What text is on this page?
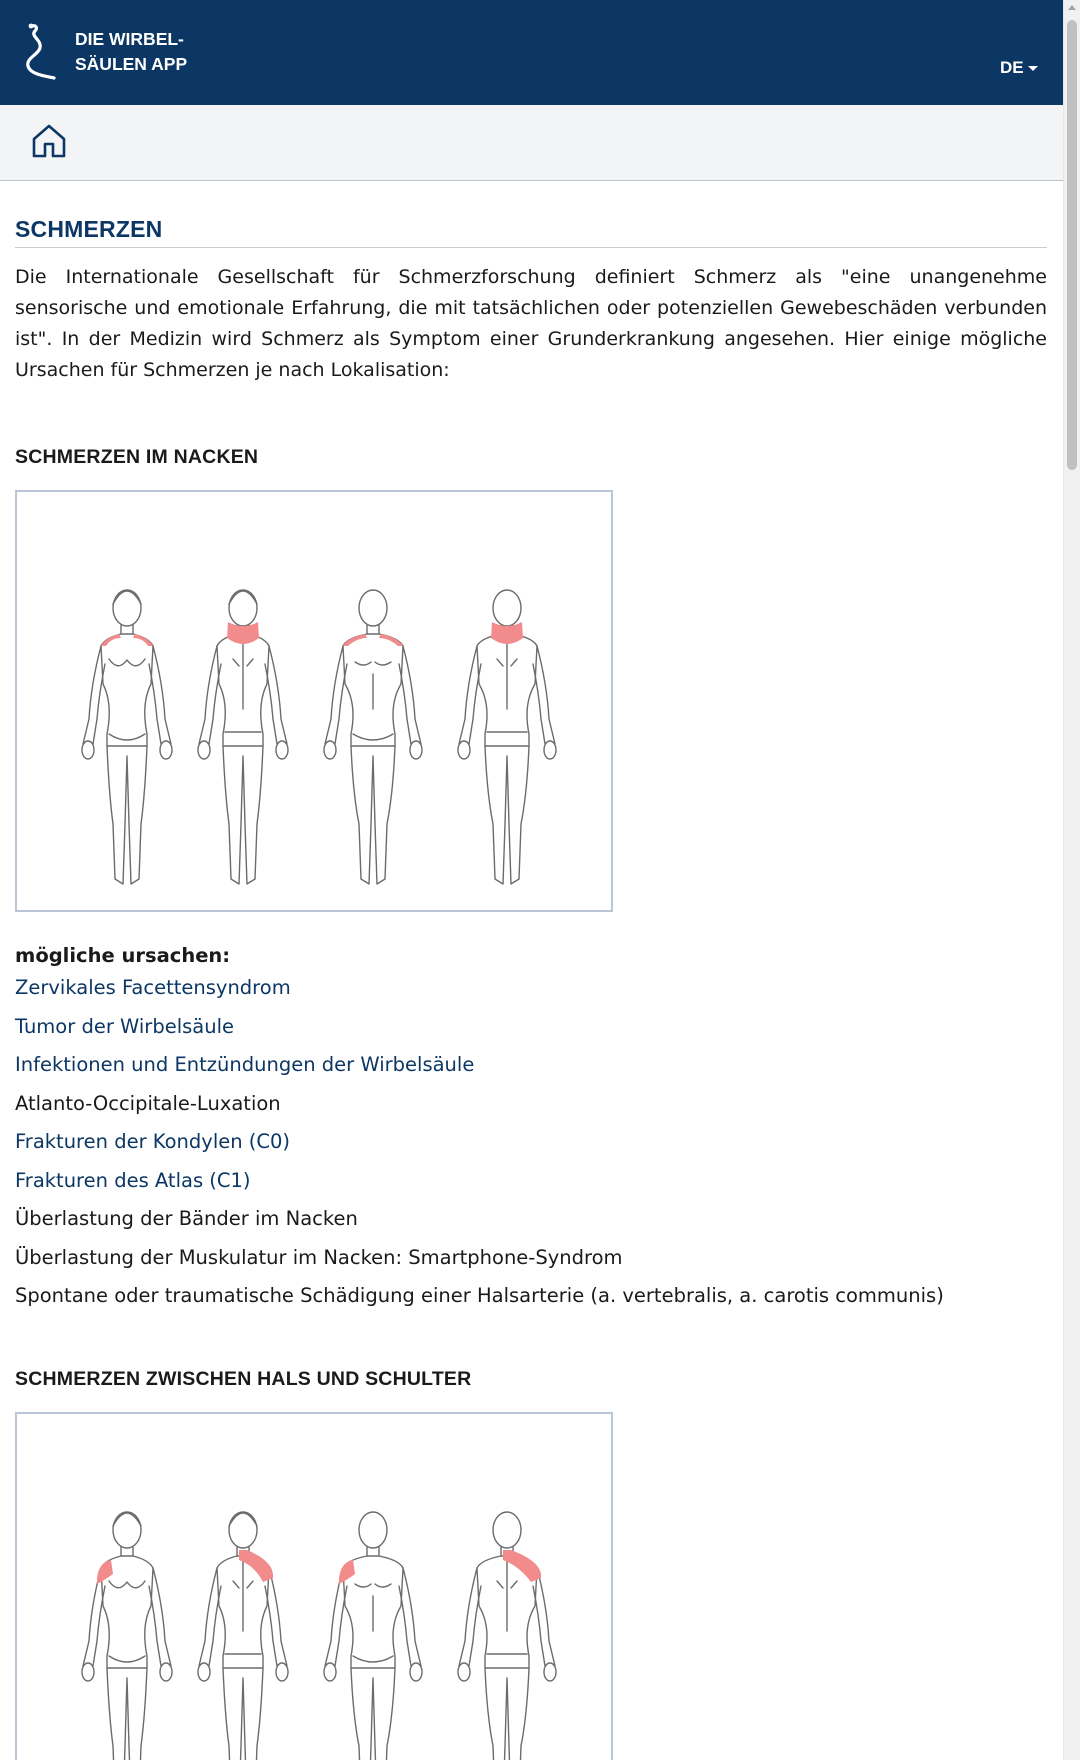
DIE WIRBEL-
SÄULEN APP	DE
SCHMERZEN

Die Internationale Gesellschaft für Schmerzforschung definiert Schmerz als "eine unangenehme sensorische und emotionale Erfahrung, die mit tatsächlichen oder potenziellen Gewebeschäden verbunden ist". In der Medizin wird Schmerz als Symptom einer Grunderkrankung angesehen. Hier einige mögliche Ursachen für Schmerzen je nach Lokalisation:

SCHMERZEN IM NACKEN

mögliche ursachen:

Zervikales Facettensyndrom
Tumor der Wirbelsäule
Infektionen und Entzündungen der Wirbelsäule
Atlanto-Occipitale-Luxation
Frakturen der Kondylen (C0)
Frakturen des Atlas (C1)
Überlastung der Bänder im Nacken
Überlastung der Muskulatur im Nacken: Smartphone-Syndrom
Spontane oder traumatische Schädigung einer Halsarterie (a. vertebralis, a. carotis communis)
SCHMERZEN ZWISCHEN HALS UND SCHULTER
